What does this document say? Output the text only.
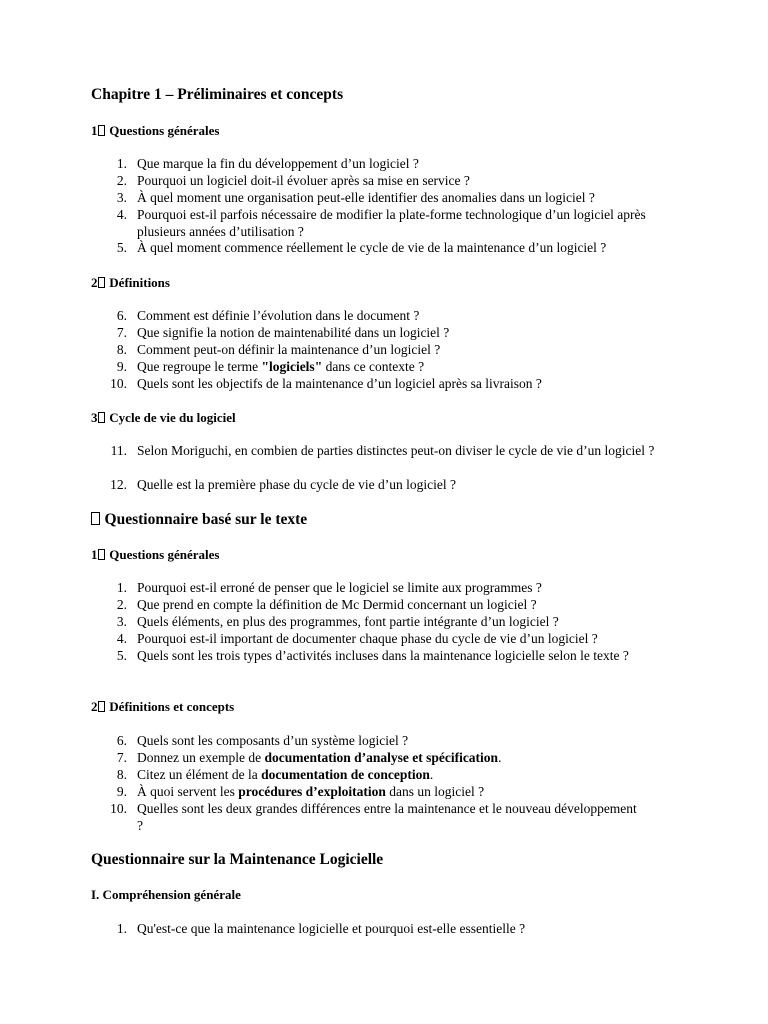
Chapitre 1 – Préliminaires et concepts
1 Questions générales
1. Que marque la fin du développement d’un logiciel ?
2. Pourquoi un logiciel doit-il évoluer après sa mise en service ?
3. À quel moment une organisation peut-elle identifier des anomalies dans un logiciel ?
4. Pourquoi est-il parfois nécessaire de modifier la plate-forme technologique d’un logiciel après plusieurs années d’utilisation ?
5. À quel moment commence réellement le cycle de vie de la maintenance d’un logiciel ?
2 Définitions
6. Comment est définie l’évolution dans le document ?
7. Que signifie la notion de maintenabilité dans un logiciel ?
8. Comment peut-on définir la maintenance d’un logiciel ?
9. Que regroupe le terme "logiciels" dans ce contexte ?
10. Quels sont les objectifs de la maintenance d’un logiciel après sa livraison ?
3 Cycle de vie du logiciel
11. Selon Moriguchi, en combien de parties distinctes peut-on diviser le cycle de vie d’un logiciel ?
12. Quelle est la première phase du cycle de vie d’un logiciel ?
Questionnaire basé sur le texte
1 Questions générales
1. Pourquoi est-il erroné de penser que le logiciel se limite aux programmes ?
2. Que prend en compte la définition de Mc Dermid concernant un logiciel ?
3. Quels éléments, en plus des programmes, font partie intégrante d’un logiciel ?
4. Pourquoi est-il important de documenter chaque phase du cycle de vie d’un logiciel ?
5. Quels sont les trois types d’activités incluses dans la maintenance logicielle selon le texte ?
2 Définitions et concepts
6. Quels sont les composants d’un système logiciel ?
7. Donnez un exemple de documentation d’analyse et spécification.
8. Citez un élément de la documentation de conception.
9. À quoi servent les procédures d’exploitation dans un logiciel ?
10. Quelles sont les deux grandes différences entre la maintenance et le nouveau développement ?
Questionnaire sur la Maintenance Logicielle
I. Compréhension générale
1. Qu'est-ce que la maintenance logicielle et pourquoi est-elle essentielle ?
